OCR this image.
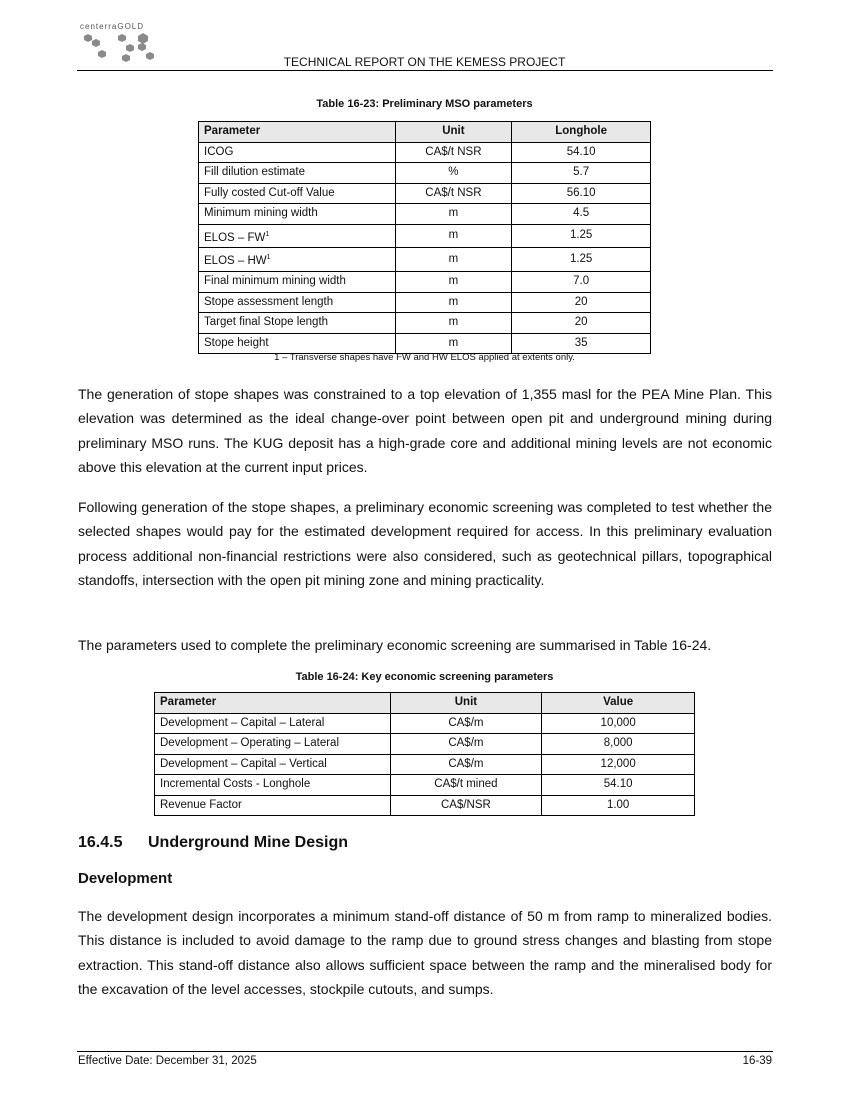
centerraGOLD
TECHNICAL REPORT ON THE KEMESS PROJECT
Table 16-23: Preliminary MSO parameters
Parameter	Unit	Longhole
ICOG	CA$/t NSR	54.10
Fill dilution estimate	%	5.7
Fully costed Cut-off Value	CA$/t NSR	56.10
Minimum mining width	m	4.5
ELOS – $FW^1$	m	1.25
ELOS – $HW^1$	m	1.25
Final minimum mining width	m	7.0
Stope assessment length	m	20
Target final Stope length	m	20
Stope height	m	35
1 – Transverse shapes have FW and HW ELOS applied at extents only.
The generation of stope shapes was constrained to a top elevation of 1,355 masl for the PEA Mine Plan. This elevation was determined as the ideal change-over point between open pit and underground mining during preliminary MSO runs. The KUG deposit has a high-grade core and additional mining levels are not economic above this elevation at the current input prices.
Following generation of the stope shapes, a preliminary economic screening was completed to test whether the selected shapes would pay for the estimated development required for access. In this preliminary evaluation process additional non-financial restrictions were also considered, such as geotechnical pillars, topographical standoffs, intersection with the open pit mining zone and mining practicality.
The parameters used to complete the preliminary economic screening are summarised in Table 16-24.
Table 16-24: Key economic screening parameters
Parameter	Unit	Value
Development – Capital – Lateral	CA$/m	10,000
Development – Operating – Lateral	CA$/m	8,000
Development – Capital – Vertical	CA$/m	12,000
Incremental Costs - Longhole	CA$/t mined	54.10
Revenue Factor	CA$/NSR	1.00
16.4.5 Underground Mine Design
Development
The development design incorporates a minimum stand-off distance of 50 m from ramp to mineralized bodies. This distance is included to avoid damage to the ramp due to ground stress changes and blasting from stope extraction. This stand-off distance also allows sufficient space between the ramp and the mineralised body for the excavation of the level accesses, stockpile cutouts, and sumps.
Effective Date: December 31, 2025	16-39
